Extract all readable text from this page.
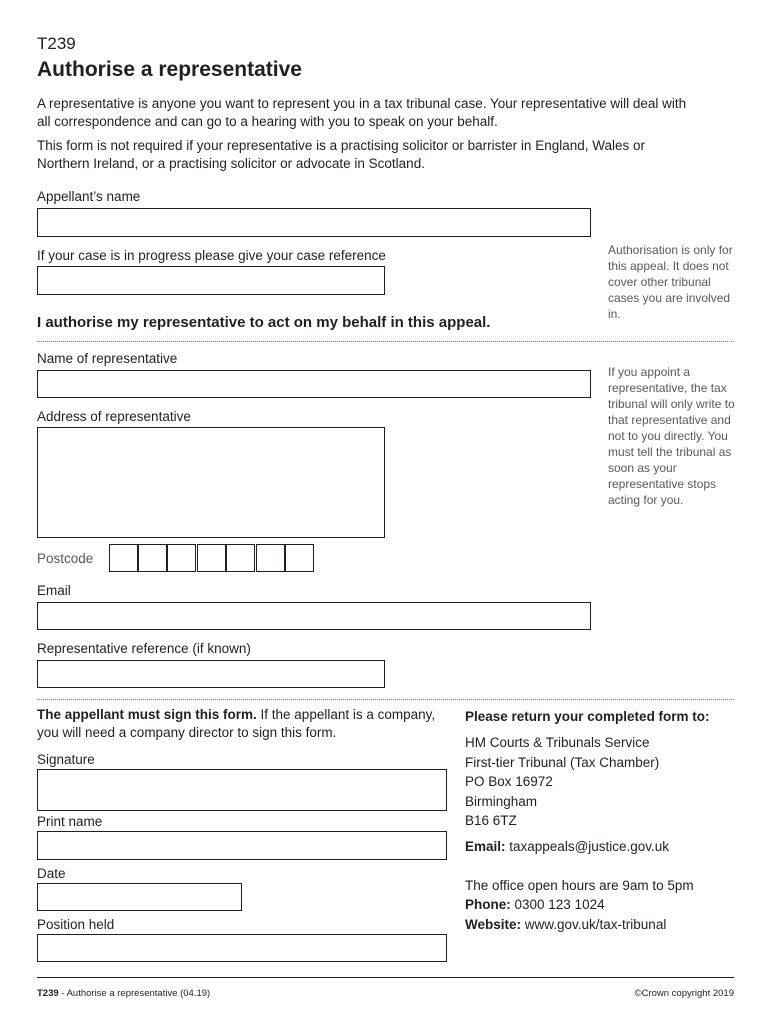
T239
Authorise a representative
A representative is anyone you want to represent you in a tax tribunal case. Your representative will deal with all correspondence and can go to a hearing with you to speak on your behalf.
This form is not required if your representative is a practising solicitor or barrister in England, Wales or Northern Ireland, or a practising solicitor or advocate in Scotland.
Appellant’s name
If your case is in progress please give your case reference	Authorisation is only for this appeal. It does not cover other tribunal cases you are involved in.
I authorise my representative to act on my behalf in this appeal.
Name of representative
If you appoint a representative, the tax tribunal will only write to that representative and not to you directly. You must tell the tribunal as soon as your representative stops acting for you.
Address of representative
Postcode
Email
Representative reference (if known)
The appellant must sign this form. If the appellant is a company, you will need a company director to sign this form.
Signature
Print name
Date
Position held
Please return your completed form to:
HM Courts & Tribunals Service
First-tier Tribunal (Tax Chamber)
PO Box 16972
Birmingham
B16 6TZ
Email: taxappeals@justice.gov.uk
The office open hours are 9am to 5pm
Phone: 0300 123 1024
Website: www.gov.uk/tax-tribunal
T239 - Authorise a representative (04.19)	©Crown copyright 2019
